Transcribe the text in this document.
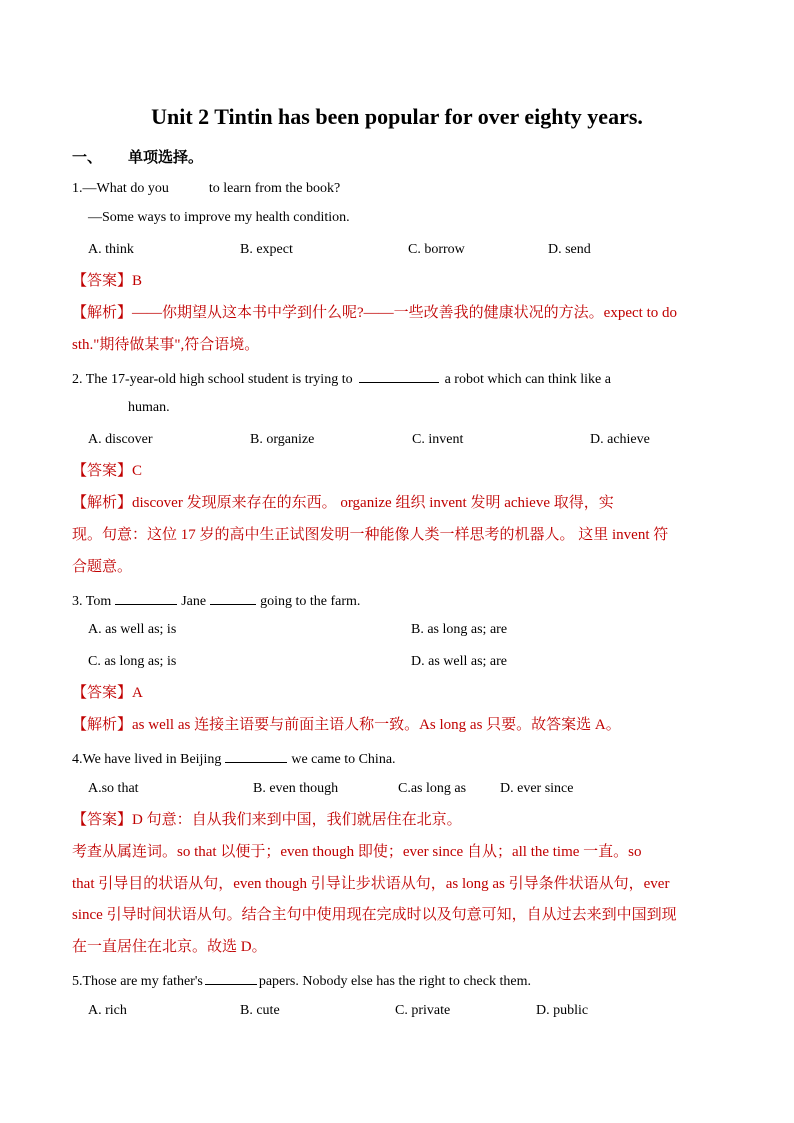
Unit 2 Tintin has been popular for over eighty years.
一、 单项选择。
1.—What do you	to learn from the book?
—Some ways to improve my health condition.
A. think	B. expect	C. borrow	D. send
【答案】B
【解析】——你期望从这本书中学到什么呢?——一些改善我的健康状况的方法。expect to do
sth."期待做某事",符合语境。
2. The 17-year-old high school student is trying to	a robot which can think like a
human.
A. discover	B. organize	C. invent	D. achieve
【答案】C
【解析】discover 发现原来存在的东西。 organize 组织 invent 发明 achieve 取得，实
现。句意：这位 17 岁的高中生正试图发明一种能像人类一样思考的机器人。 这里 invent 符
合题意。
3. Tom	Jane	going to the farm.
A. as well as; is	B. as long as; are
C. as long as; is	D. as well as; are
【答案】A
【解析】as well as 连接主语要与前面主语人称一致。As long as 只要。故答案选 A。
4.We have lived in Beijing	we came to China.
A.so that	B. even though	C.as long as D. ever since
【答案】D 句意：自从我们来到中国，我们就居住在北京。
考查从属连词。so that 以便于；even though 即使；ever since 自从；all the time 一直。so
that 引导目的状语从句，even though 引导让步状语从句，as long as 引导条件状语从句，ever
since 引导时间状语从句。结合主句中使用现在完成时以及句意可知，自从过去来到中国到现
在一直居住在北京。故选 D。
5.Those are my father's	papers. Nobody else has the right to check them.
A. rich	B. cute	C. private	D. public
